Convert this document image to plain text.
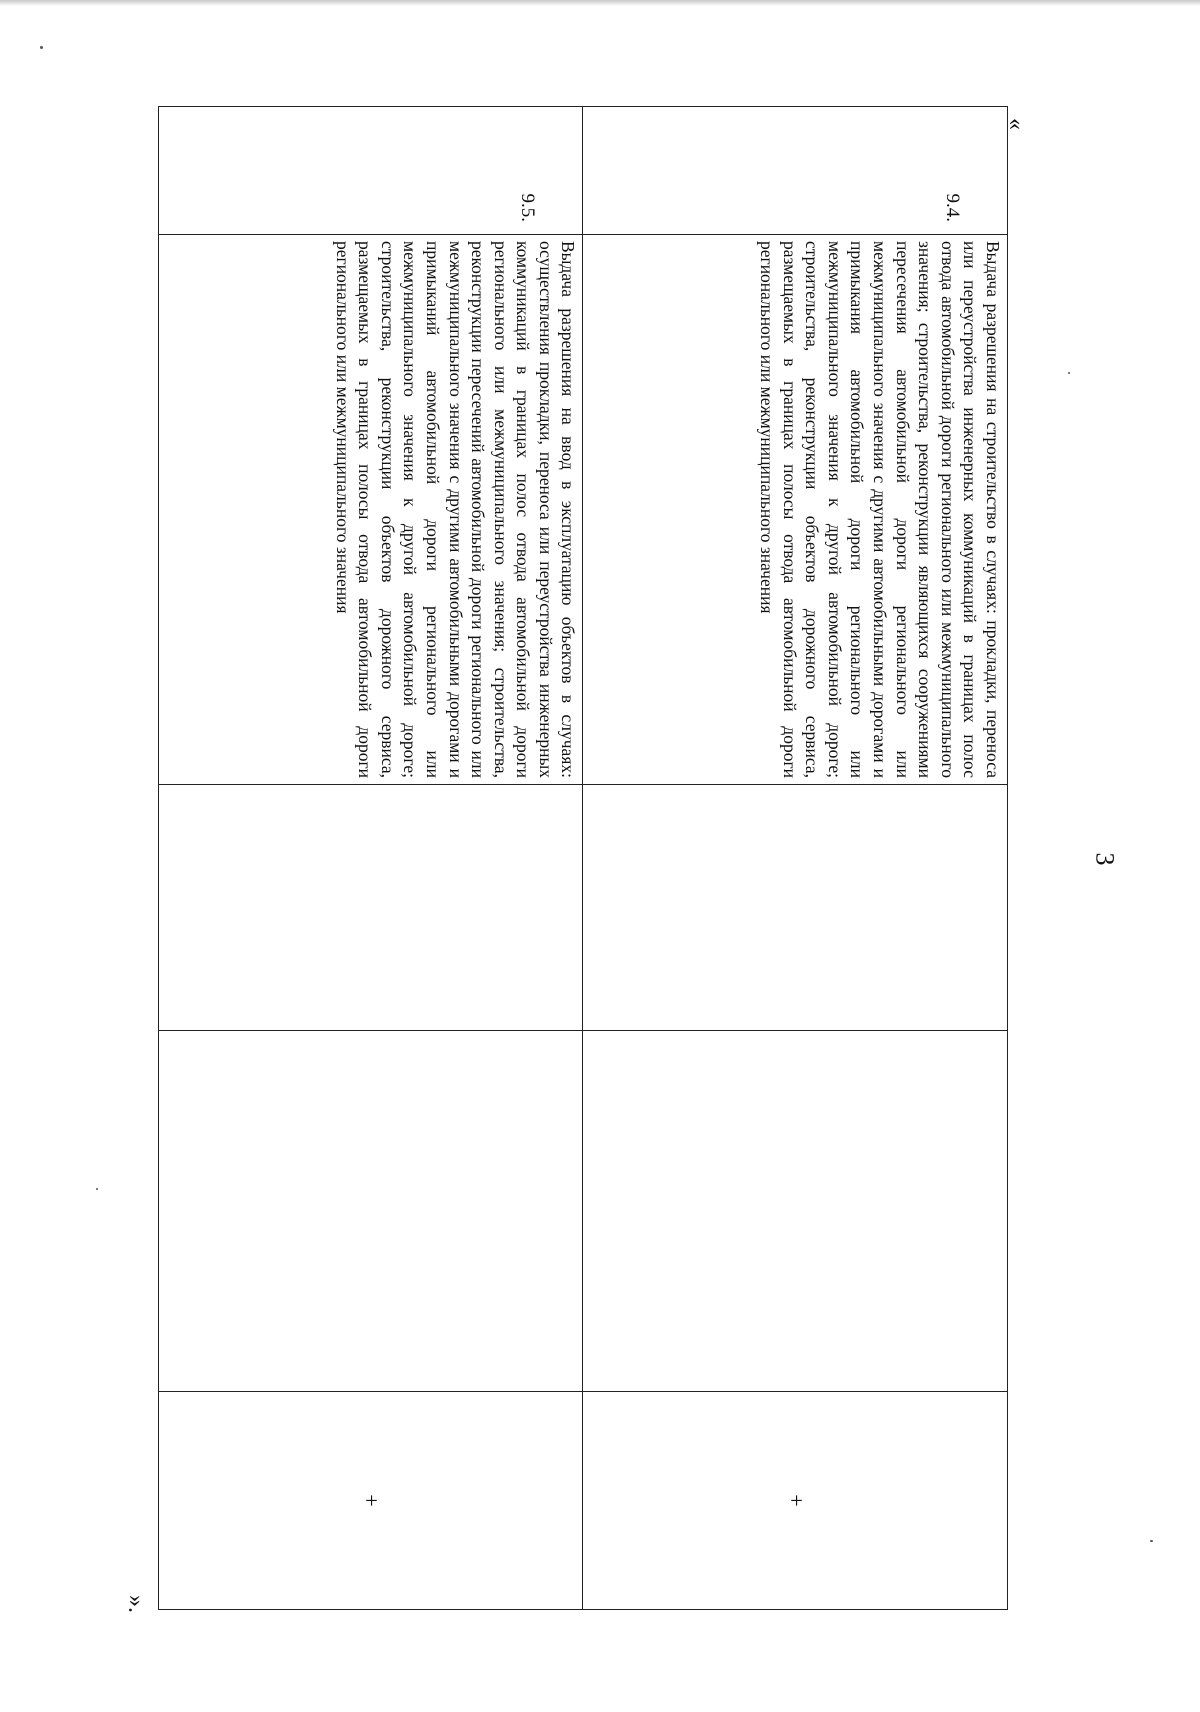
«
3
».
9.4.	Выдача разрешения на строительство в случаях: прокладки, переноса или переустройства инженерных коммуникаций в границах полос отвода автомобильной дороги регионального или межмуниципального значения; строительства, реконструкции являющихся сооружениями пересечения автомобильной дороги регионального или межмуниципального значения с другими автомобильными дорогами и примыкания автомобильной дороги регионального или межмуниципального значения к другой автомобильной дороге; строительства, реконструкции объектов дорожного сервиса, размещаемых в границах полосы отвода автомобильной дороги регионального или межмуниципального значения			+	
9.5.	Выдача разрешения на ввод в эксплуатацию объектов в случаях: осуществления прокладки, переноса или переустройства инженерных коммуникаций в границах полос отвода автомобильной дороги регионального или межмуниципального значения; строительства, реконструкции пересечений автомобильной дороги регионального или межмуниципального значения с другими автомобильными дорогами и примыканий автомобильной дороги регионального или межмуниципального значения к другой автомобильной дороге; строительства, реконструкции объектов дорожного сервиса, размещаемых в границах полосы отвода автомобильной дороги регионального или межмуниципального значения			+	
